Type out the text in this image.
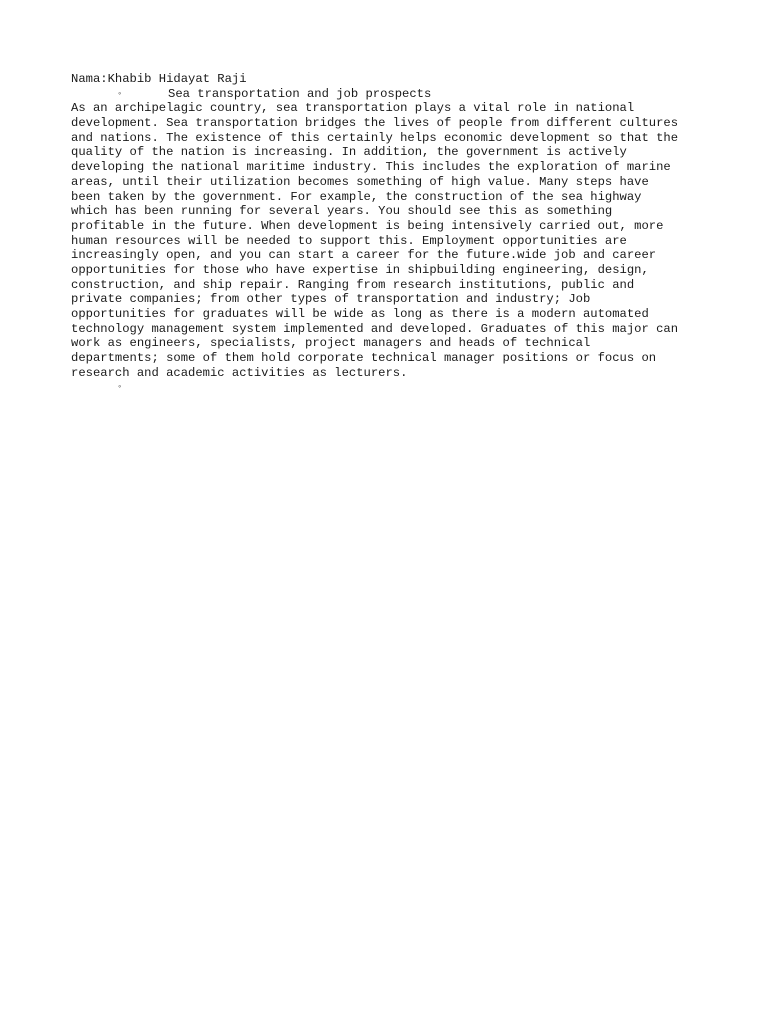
Nama:Khabib Hidayat Raji

◦

	Sea transportation and job prospects

As an archipelagic country, sea transportation plays a vital role in national
development. Sea transportation bridges the lives of people from different cultures
and nations. The existence of this certainly helps economic development so that the
quality of the nation is increasing. In addition, the government is actively
developing the national maritime industry. This includes the exploration of marine
areas, until their utilization becomes something of high value. Many steps have
been taken by the government. For example, the construction of the sea highway
which has been running for several years. You should see this as something
profitable in the future. When development is being intensively carried out, more
human resources will be needed to support this. Employment opportunities are
increasingly open, and you can start a career for the future.wide job and career
opportunities for those who have expertise in shipbuilding engineering, design,
construction, and ship repair. Ranging from research institutions, public and
private companies; from other types of transportation and industry; Job
opportunities for graduates will be wide as long as there is a modern automated
technology management system implemented and developed. Graduates of this major can
work as engineers, specialists, project managers and heads of technical
departments; some of them hold corporate technical manager positions or focus on
research and academic activities as lecturers.

◦
